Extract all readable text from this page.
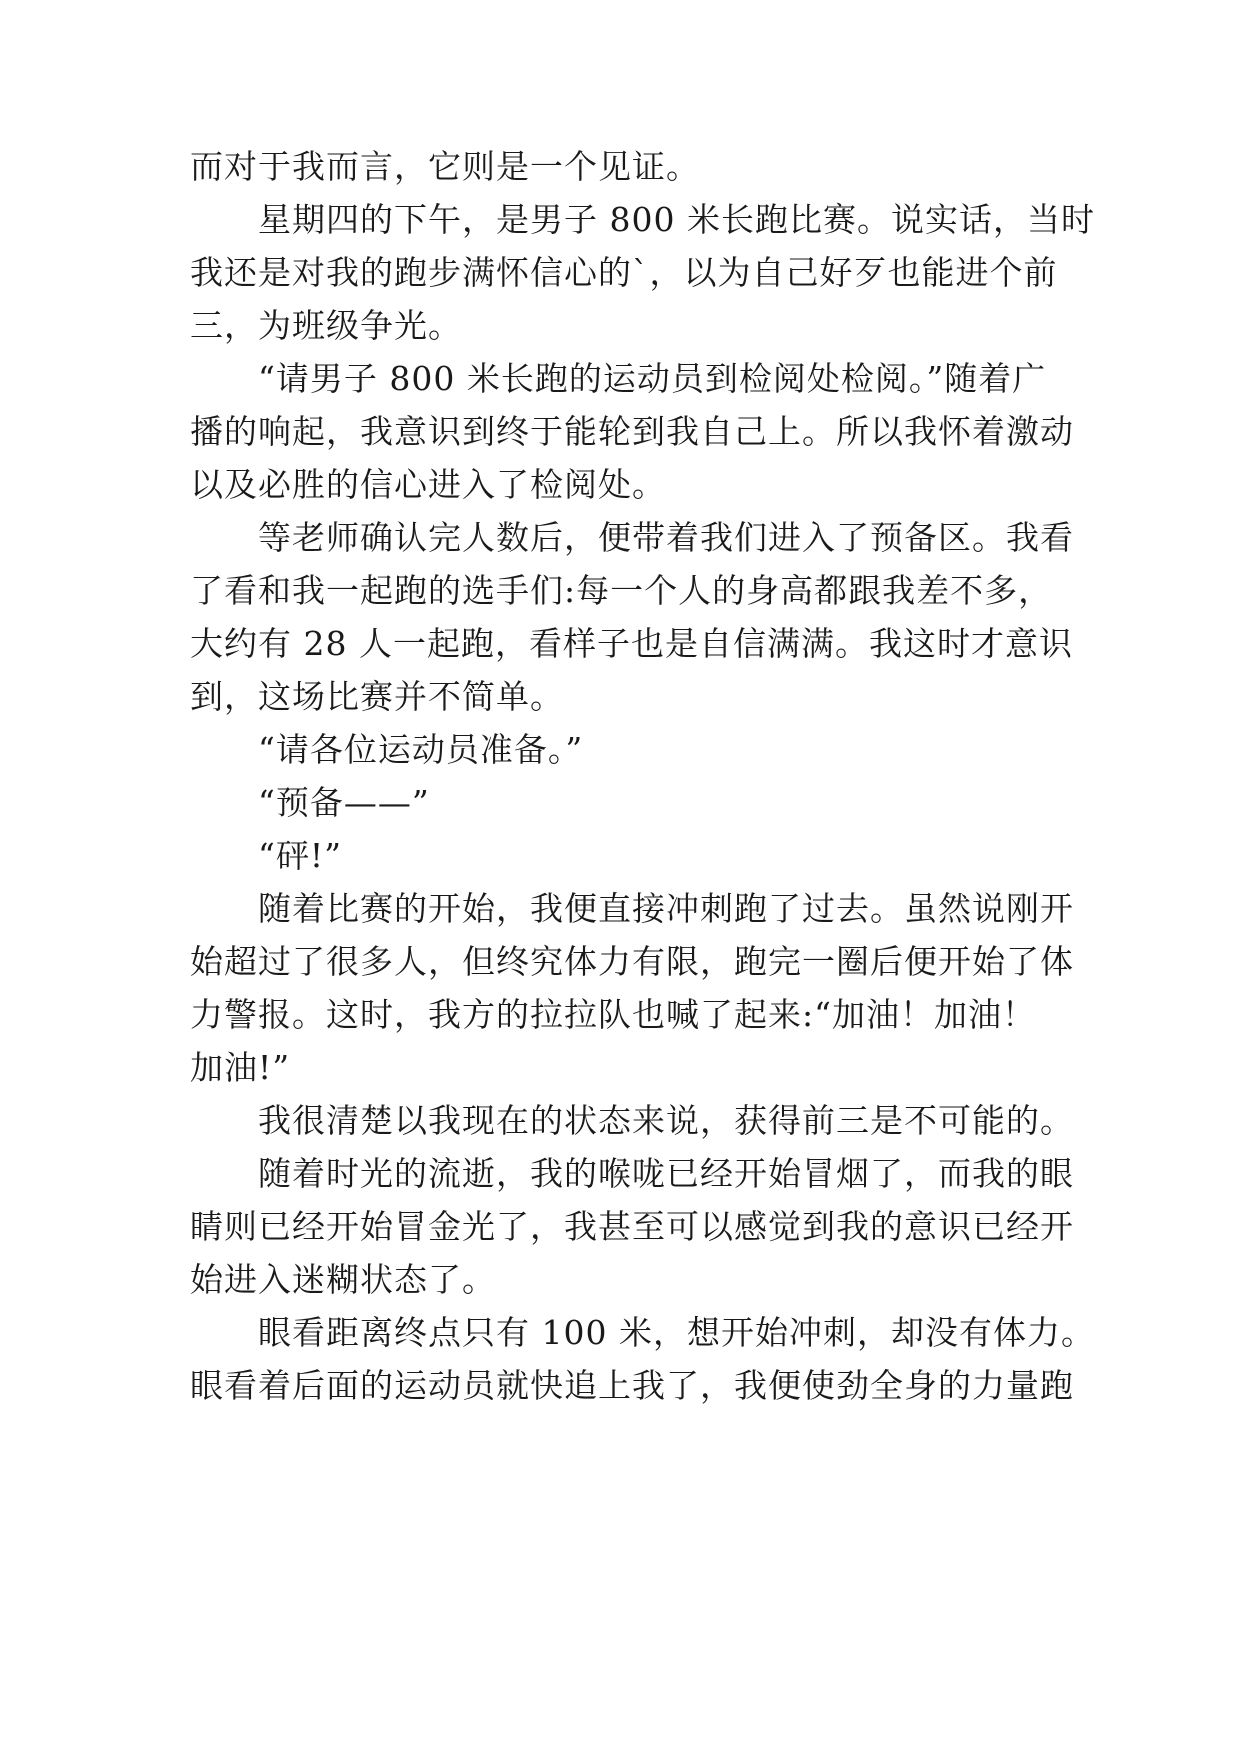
而对于我而言，它则是一个见证。
　　星期四的下午，是男子 800 米长跑比赛。说实话，当时
我还是对我的跑步满怀信心的`，以为自己好歹也能进个前
三，为班级争光。
　　“请男子 800 米长跑的运动员到检阅处检阅。”随着广
播的响起，我意识到终于能轮到我自己上。所以我怀着激动
以及必胜的信心进入了检阅处。
　　等老师确认完人数后，便带着我们进入了预备区。我看
了看和我一起跑的选手们:每一个人的身高都跟我差不多，
大约有 28 人一起跑，看样子也是自信满满。我这时才意识
到，这场比赛并不简单。
　　“请各位运动员准备。”
　　“预备——”
　　“砰!”
　　随着比赛的开始，我便直接冲刺跑了过去。虽然说刚开
始超过了很多人，但终究体力有限，跑完一圈后便开始了体
力警报。这时，我方的拉拉队也喊了起来:“加油！加油！
加油!”
　　我很清楚以我现在的状态来说，获得前三是不可能的。
　　随着时光的流逝，我的喉咙已经开始冒烟了，而我的眼
睛则已经开始冒金光了，我甚至可以感觉到我的意识已经开
始进入迷糊状态了。
　　眼看距离终点只有 100 米，想开始冲刺，却没有体力。
眼看着后面的运动员就快追上我了，我便使劲全身的力量跑
